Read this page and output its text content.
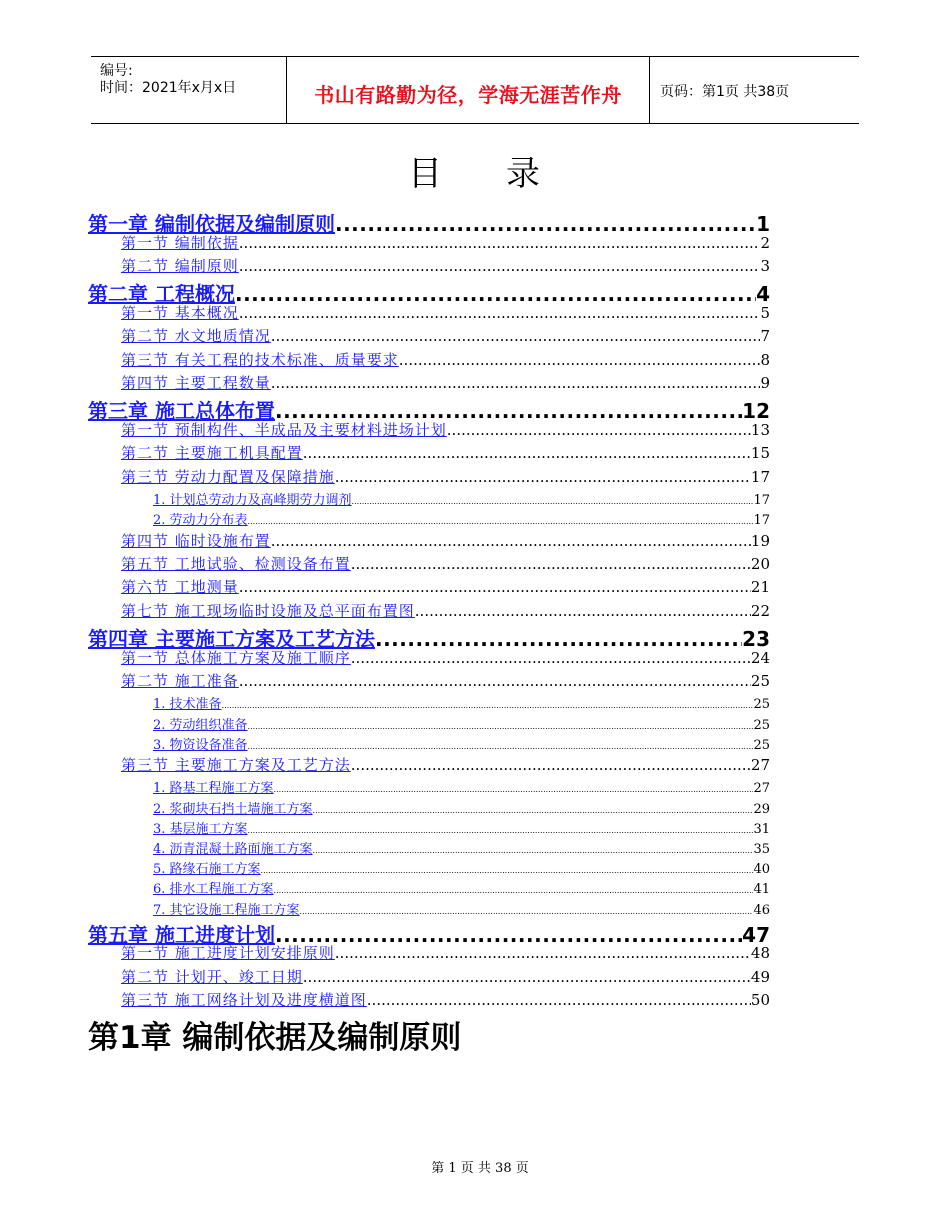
编号:
时间：2021年x月x日	书山有路勤为径，学海无涯苦作舟	页码：第1页 共38页
目 录
第一章 编制依据及编制原则 .....	1
第一节 编制依据 .....	2
第二节 编制原则 .....	3
第二章 工程概况 .....	4
第一节 基本概况 .....	5
第二节 水文地质情况 .....	7
第三节 有关工程的技术标准、质量要求 .....	8
第四节 主要工程数量 .....	9
第三章 施工总体布置 .....	12
第一节 预制构件、半成品及主要材料进场计划 .....	13
第二节 主要施工机具配置 .....	15
第三节 劳动力配置及保障措施 .....	17
1. 计划总劳动力及高峰期劳力调剂 .....	17
2. 劳动力分布表 .....	17
第四节 临时设施布置 .....	19
第五节 工地试验、检测设备布置 .....	20
第六节 工地测量 .....	21
第七节 施工现场临时设施及总平面布置图 .....	22
第四章 主要施工方案及工艺方法 .....	23
第一节 总体施工方案及施工顺序 .....	24
第二节 施工准备 .....	25
1. 技术准备 .....	25
2. 劳动组织准备 .....	25
3. 物资设备准备 .....	25
第三节 主要施工方案及工艺方法 .....	27
1. 路基工程施工方案 .....	27
2. 浆砌块石挡土墙施工方案 .....	29
3. 基层施工方案 .....	31
4. 沥青混凝土路面施工方案 .....	35
5. 路缘石施工方案 .....	40
6. 排水工程施工方案 .....	41
7. 其它设施工程施工方案 .....	46
第五章 施工进度计划 .....	47
第一节 施工进度计划安排原则 .....	48
第二节 计划开、竣工日期 .....	49
第三节 施工网络计划及进度横道图 .....	50
第1章 编制依据及编制原则
第 1 页 共 38 页
